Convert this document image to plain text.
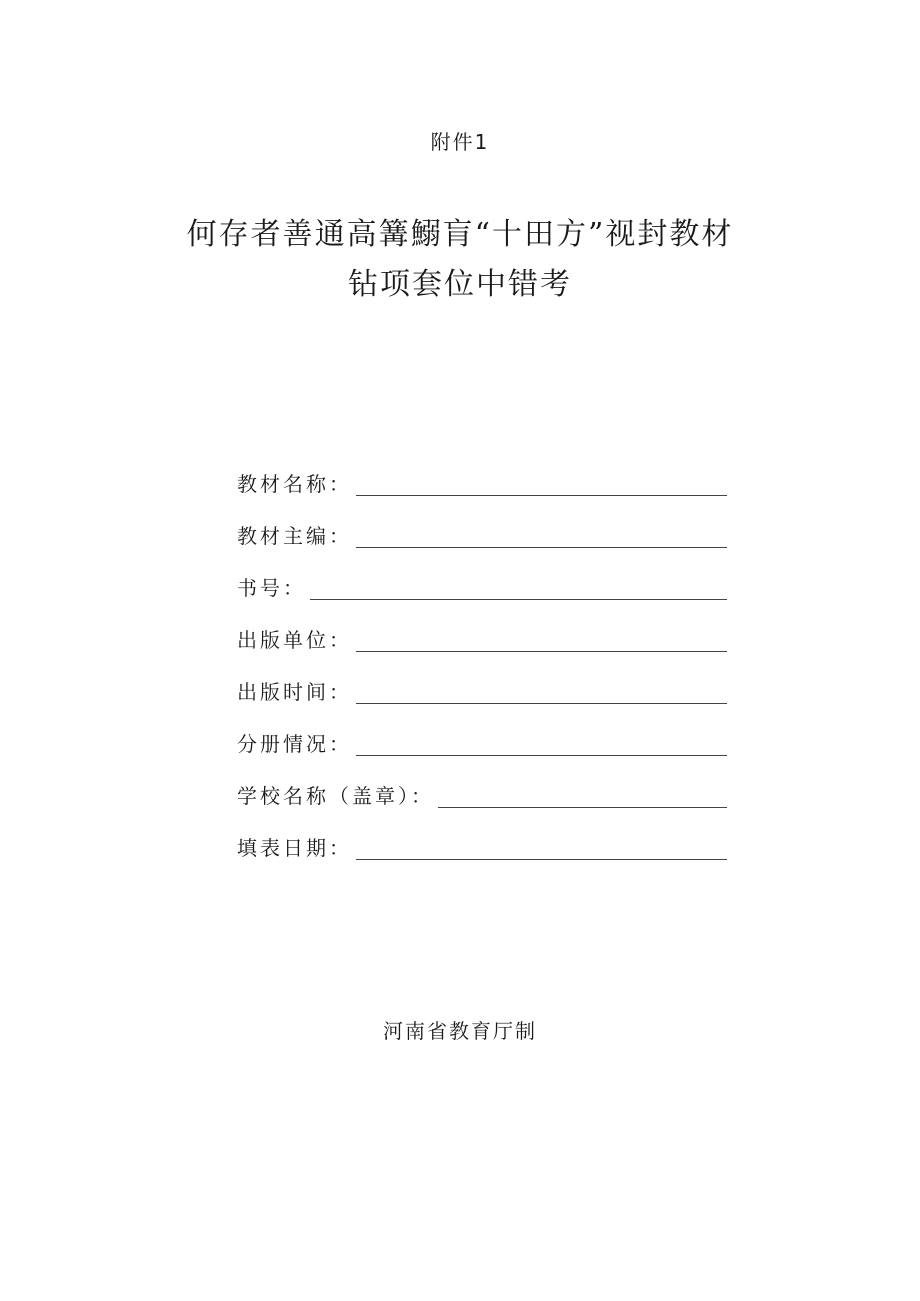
附件1
何存者善通高篝鰯肓“十田方”视封教材
钻项套位中错考
教材名称：
教材主编：
书号：
出版单位：
出版时间：
分册情况：
学校名称（盖章）：
填表日期：
河南省教育厅制
